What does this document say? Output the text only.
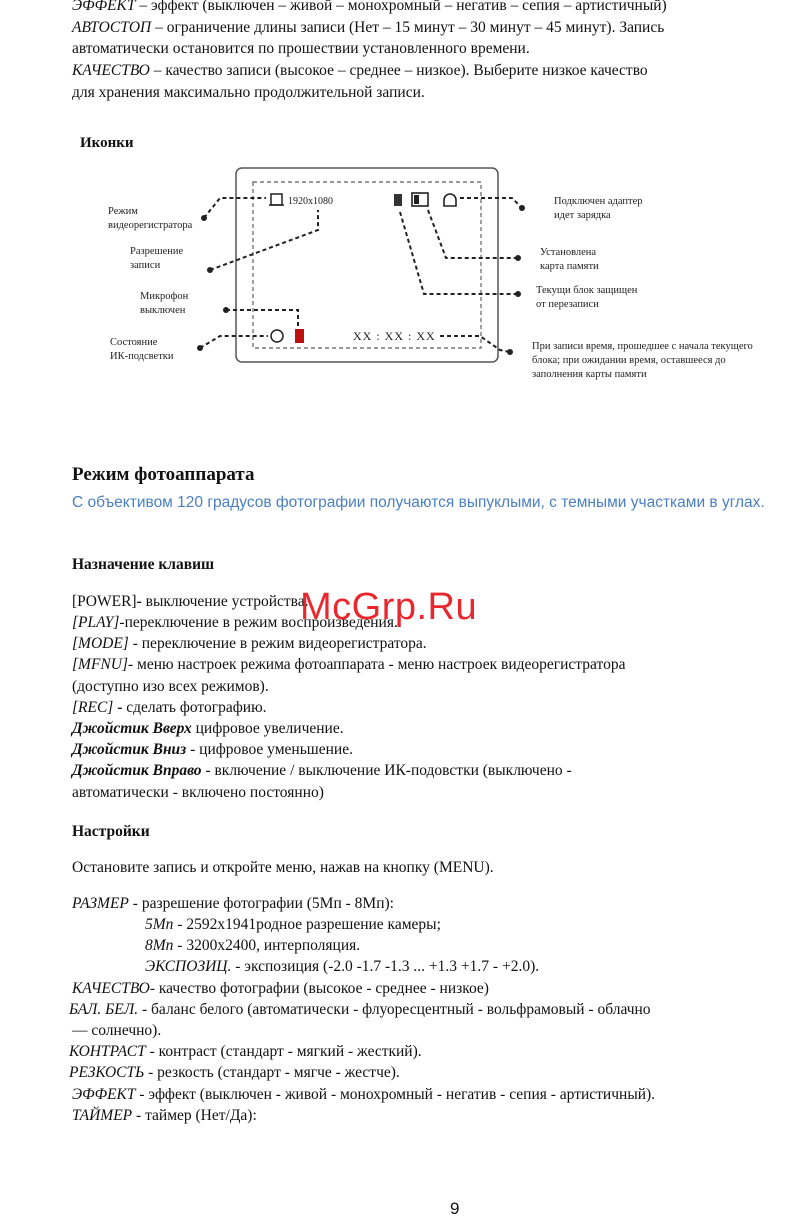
ЭФФЕКТ – эффект (выключен – живой – монохромный – негатив – сепия – артистичный)
АВТОСТОП – ограничение длины записи (Нет – 15 минут – 30 минут – 45 минут). Запись
автоматически остановится по прошествии установленного времени.
КАЧЕСТВО – качество записи (высокое – среднее – низкое). Выберите низкое качество
для хранения максимально продолжительной записи.
Иконки
1920x1080
XX : XX : XX
Режим
видеорегистратора
Разрешение
записи
Микрофон
выключен
Состояние
ИК-подсветки
Подключен адаптер
идет зарядка
Установлена
карта памяти
Текущи блок защищен
от перезаписи
При записи время, прошедшее с начала текущего
блока; при ожидании время, оставшееся до
заполнения карты памяти
Режим фотоаппарата
С объективом 120 градусов фотографии получаются выпуклыми, с темными участками в углах.
Назначение клавиш
[POWER]- выключение устройства.
[PLAY]-переключение в режим воспроизведения.
[MODE] - переключение в режим видеорегистратора.
[MFNU]- меню настроек режима фотоаппарата - меню настроек видеорегистратора
(доступно изо всех режимов).
[REC] - сделать фотографию.
Джойстик Вверх цифровое увеличение.
Джойстик Вниз - цифровое уменьшение.
Джойстик Вправо - включение / выключение ИК-подовстки (выключено -
автоматически - включено постоянно)
Настройки
Остановите запись и откройте меню, нажав на кнопку (MENU).
РАЗМЕР - разрешение фотографии (5Мп - 8Мп):
5Мп - 2592x1941родное разрешение камеры;
8Мп - 3200x2400, интерполяция.
ЭКСПОЗИЦ. - экспозиция (-2.0 -1.7 -1.3 ... +1.3 +1.7 - +2.0).
КАЧЕСТВО- качество фотографии (высокое - среднее - низкое)
БАЛ. БЕЛ. - баланс белого (автоматически - флуоресцентный - вольфрамовый - облачно
— солнечно).
КОНТРАСТ - контраст (стандарт - мягкий - жесткий).
РЕЗКОСТЬ - резкость (стандарт - мягче - жестче).
ЭФФЕКТ - эффект (выключен - живой - монохромный - негатив - сепия - артистичный).
ТАЙМЕР - таймер (Нет/Да):
McGrp.Ru
9
